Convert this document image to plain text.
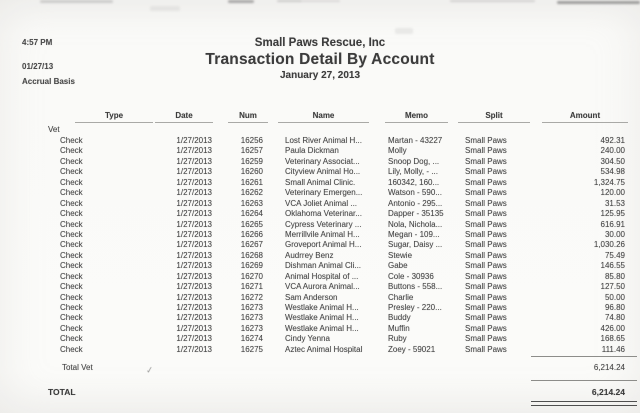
✓
4:57 PM
01/27/13
Accrual Basis
Small Paws Rescue, Inc
Transaction Detail By Account
January 27, 2013
Type	Date	Num	Name	Memo	Split	Amount
Vet
Check	1/27/2013	16256	Lost River Animal H...	Martan - 43227	Small Paws	492.31
Check	1/27/2013	16257	Paula Dickman	Molly	Small Paws	240.00
Check	1/27/2013	16259	Veterinary Associat...	Snoop Dog, ...	Small Paws	304.50
Check	1/27/2013	16260	Cityview Animal Ho...	Lily, Molly, - ...	Small Paws	534.98
Check	1/27/2013	16261	Small Animal Clinic.	160342, 160...	Small Paws	1,324.75
Check	1/27/2013	16262	Veterinary Emergen...	Watson - 590...	Small Paws	120.00
Check	1/27/2013	16263	VCA Joliet Animal ...	Antonio - 295...	Small Paws	31.53
Check	1/27/2013	16264	Oklahoma Veterinar...	Dapper - 35135	Small Paws	125.95
Check	1/27/2013	16265	Cypress Veterinary ...	Nola, Nichola...	Small Paws	616.91
Check	1/27/2013	16266	Merrillvile Animal H...	Megan - 109...	Small Paws	30.00
Check	1/27/2013	16267	Groveport Animal H...	Sugar, Daisy ...	Small Paws	1,030.26
Check	1/27/2013	16268	Audrrey Benz	Stewie	Small Paws	75.49
Check	1/27/2013	16269	Dishman Animal Cli...	Gabe	Small Paws	146.55
Check	1/27/2013	16270	Animal Hospital of ...	Cole - 30936	Small Paws	85.80
Check	1/27/2013	16271	VCA Aurora Animal...	Buttons - 558...	Small Paws	127.50
Check	1/27/2013	16272	Sam Anderson	Charlie	Small Paws	50.00
Check	1/27/2013	16273	Westlake Animal H...	Presley - 220...	Small Paws	96.80
Check	1/27/2013	16273	Westlake Animal H...	Buddy	Small Paws	74.80
Check	1/27/2013	16273	Westlake Animal H...	Muffin	Small Paws	426.00
Check	1/27/2013	16274	Cindy Yenna	Ruby	Small Paws	168.65
Check	1/27/2013	16275	Aztec Animal Hospital	Zoey - 59021	Small Paws	111.46
Total Vet	6,214.24
TOTAL	6,214.24
